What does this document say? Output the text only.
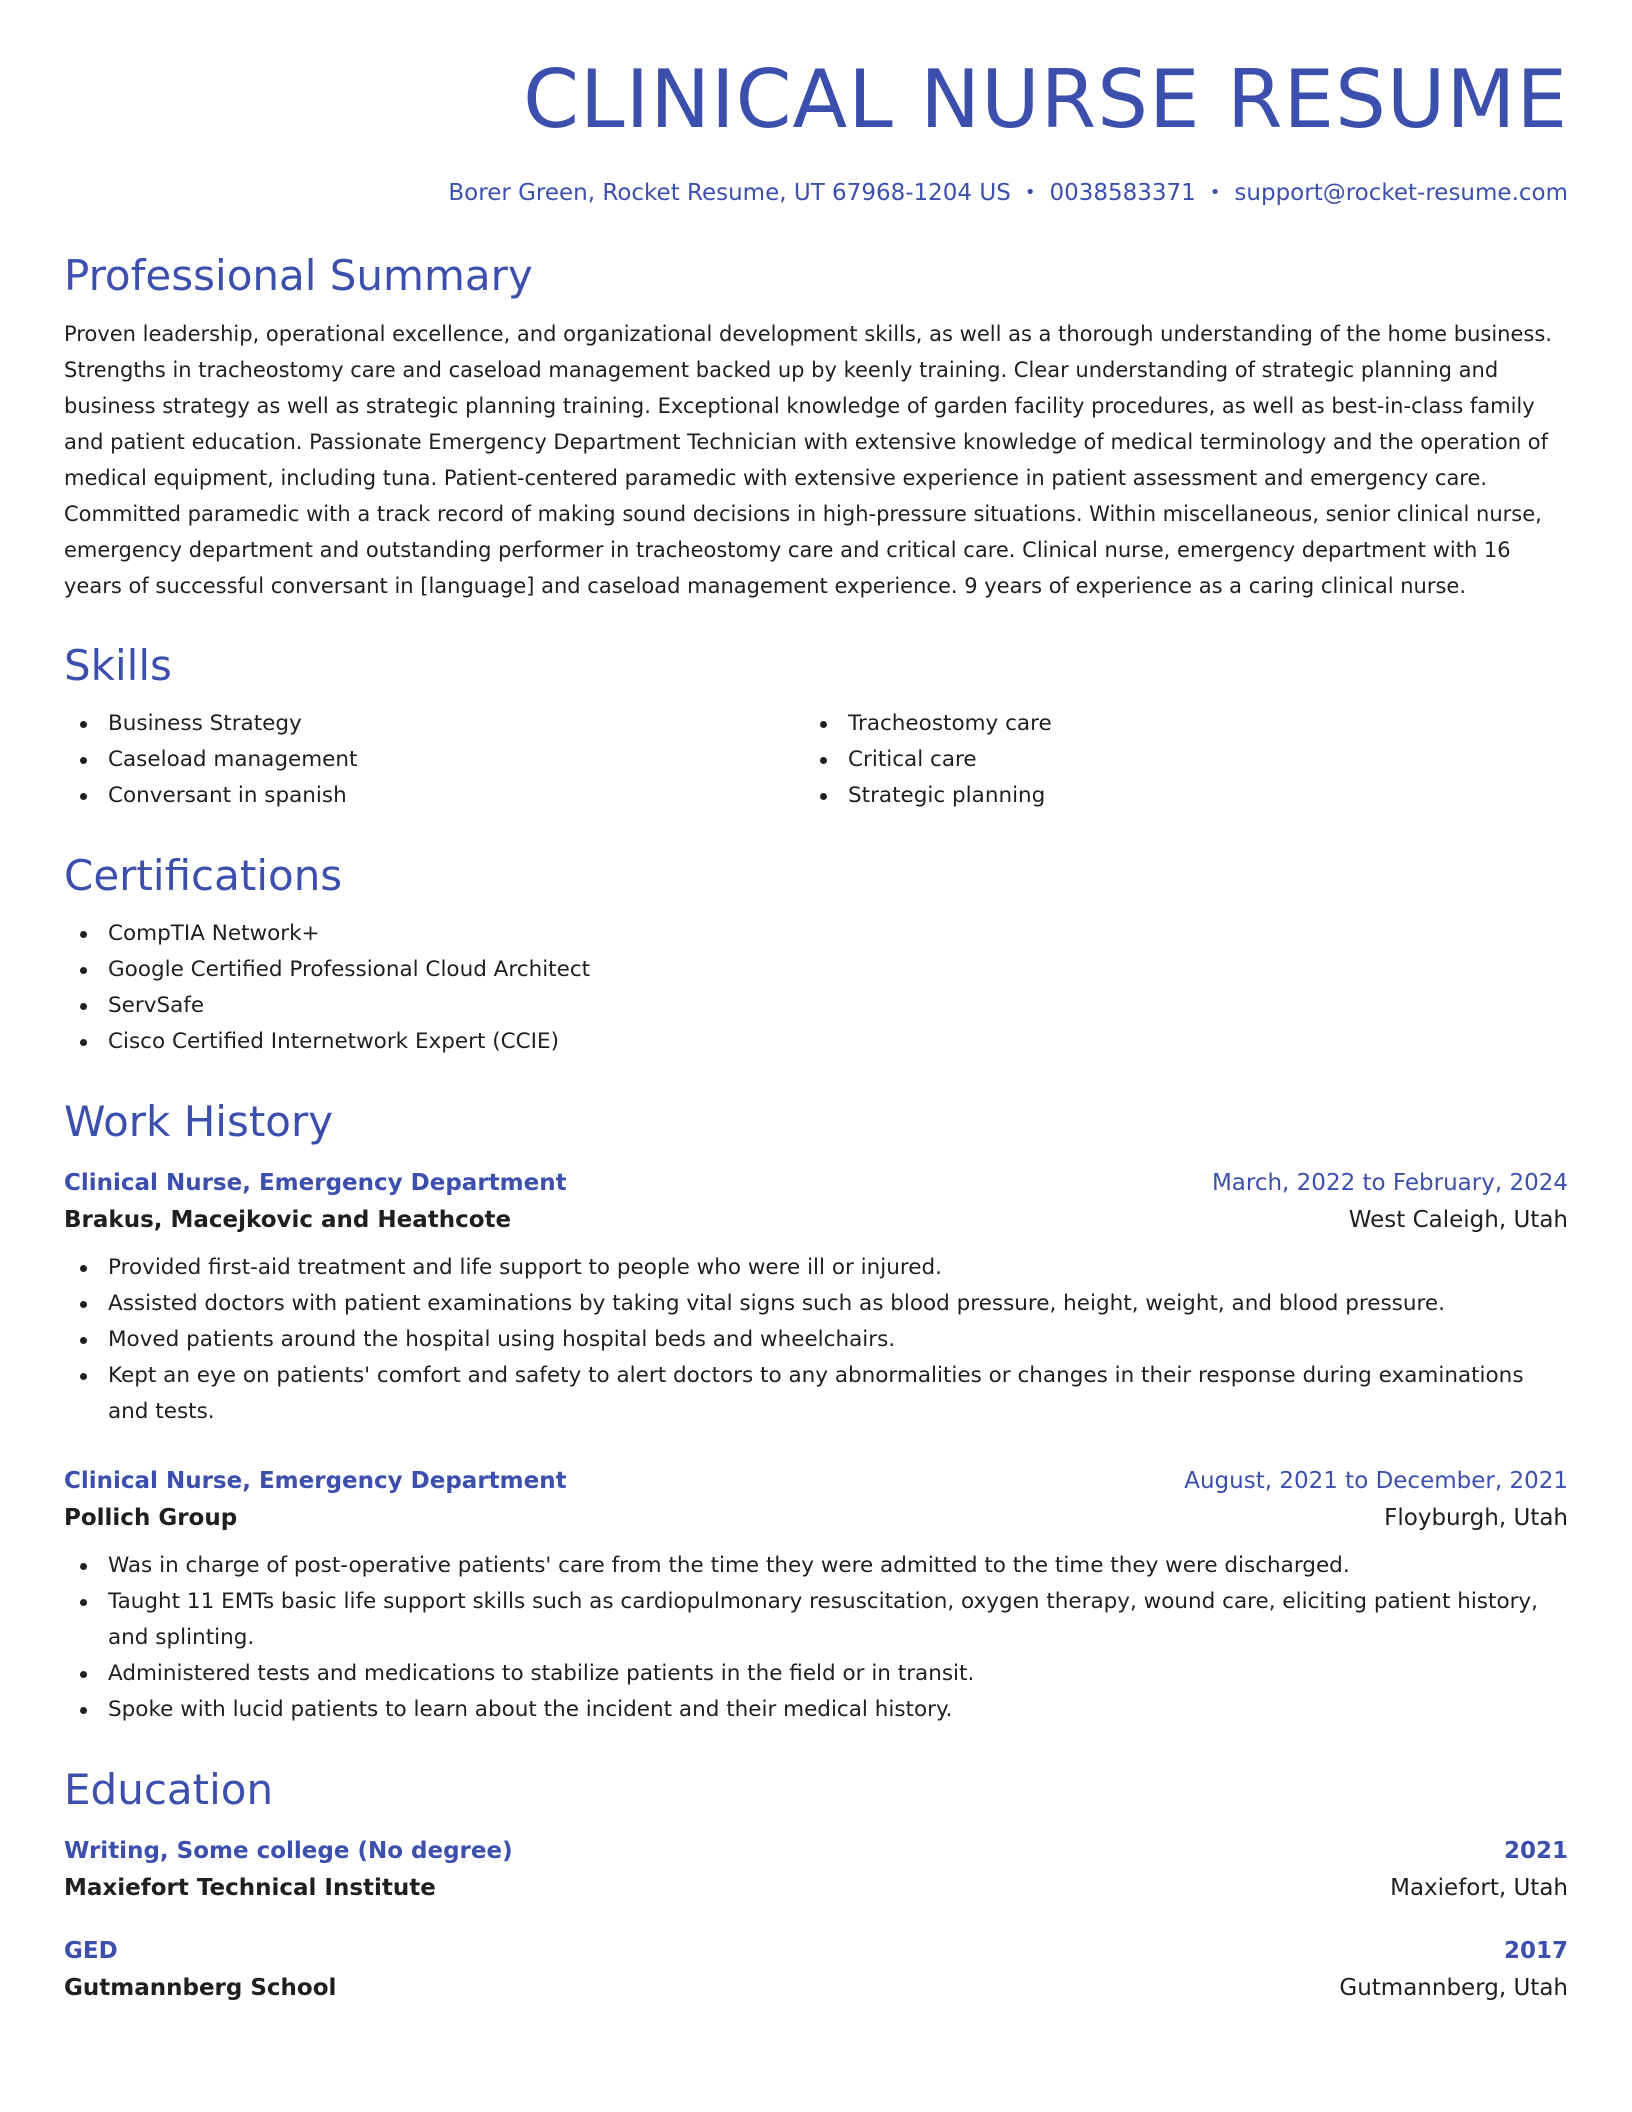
CLINICAL NURSE RESUME
Borer Green, Rocket Resume, UT 67968-1204 US • 0038583371 • support@rocket-resume.com
Professional Summary

Proven leadership, operational excellence, and organizational development skills, as well as a thorough understanding of the home business. Strengths in tracheostomy care and caseload management backed up by keenly training. Clear understanding of strategic planning and business strategy as well as strategic planning training. Exceptional knowledge of garden facility procedures, as well as best-in-class family and patient education. Passionate Emergency Department Technician with extensive knowledge of medical terminology and the operation of medical equipment, including tuna. Patient-centered paramedic with extensive experience in patient assessment and emergency care. Committed paramedic with a track record of making sound decisions in high-pressure situations. Within miscellaneous, senior clinical nurse, emergency department and outstanding performer in tracheostomy care and critical care. Clinical nurse, emergency department with 16 years of successful conversant in [language] and caseload management experience. 9 years of experience as a caring clinical nurse.

Skills
Business Strategy
Caseload management
Conversant in spanish
Tracheostomy care
Critical care
Strategic planning
Certifications
CompTIA Network+
Google Certified Professional Cloud Architect
ServSafe
Cisco Certified Internetwork Expert (CCIE)
Work History
Clinical Nurse, Emergency Department	March, 2022 to February, 2024
Brakus, Macejkovic and Heathcote	West Caleigh, Utah
Provided first-aid treatment and life support to people who were ill or injured.
Assisted doctors with patient examinations by taking vital signs such as blood pressure, height, weight, and blood pressure.
Moved patients around the hospital using hospital beds and wheelchairs.
Kept an eye on patients' comfort and safety to alert doctors to any abnormalities or changes in their response during examinations and tests.
Clinical Nurse, Emergency Department	August, 2021 to December, 2021
Pollich Group	Floyburgh, Utah
Was in charge of post-operative patients' care from the time they were admitted to the time they were discharged.
Taught 11 EMTs basic life support skills such as cardiopulmonary resuscitation, oxygen therapy, wound care, eliciting patient history, and splinting.
Administered tests and medications to stabilize patients in the field or in transit.
Spoke with lucid patients to learn about the incident and their medical history.
Education
Writing, Some college (No degree)	2021
Maxiefort Technical Institute	Maxiefort, Utah
GED	2017
Gutmannberg School	Gutmannberg, Utah
